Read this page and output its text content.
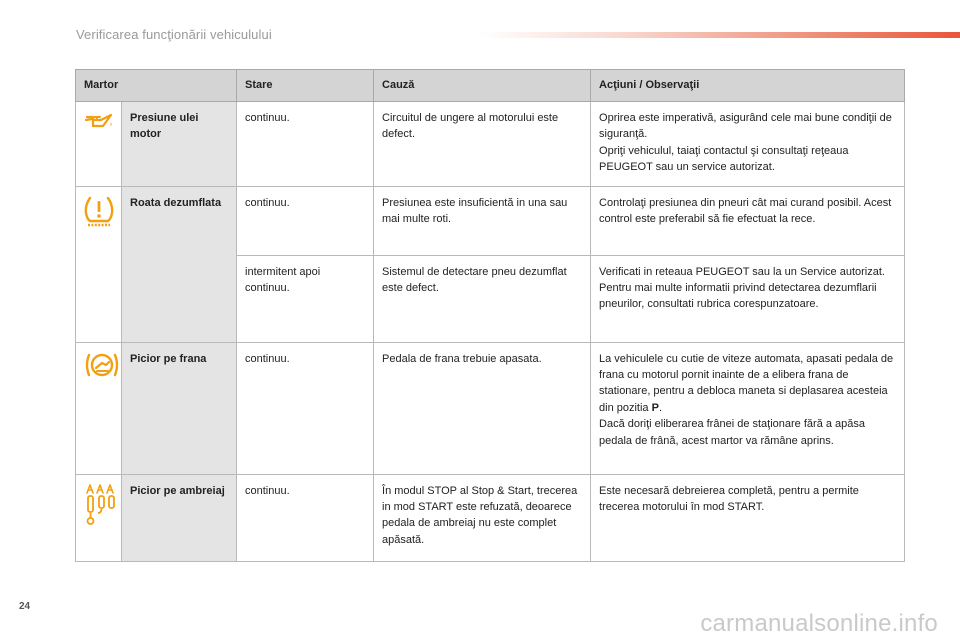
Verificarea funcţionării vehiculului
Martor		Stare	Cauză	Acţiuni / Observaţii
	Presiune ulei motor	continuu.	Circuitul de ungere al motorului este defect.	Oprirea este imperativă, asigurând cele mai bune condiţii de siguranţă.
Opriţi vehiculul, taiaţi contactul şi consultaţi reţeaua PEUGEOT sau un service autorizat.

	Roata dezumflata	continuu.	Presiunea este insuficientă in una sau mai multe roti.	Controlaţi presiunea din pneuri cât mai curand posibil. Acest control este preferabil să fie efectuat la rece.

		intermitent apoi continuu.	Sistemul de detectare pneu dezumflat este defect.	Verificati in reteaua PEUGEOT sau la un Service autorizat.
Pentru mai multe informatii privind detectarea dezumflarii pneurilor, consultati rubrica corespunzatoare.

	Picior pe frana	continuu.	Pedala de frana trebuie apasata.	La vehiculele cu cutie de viteze automata, apasati pedala de frana cu motorul pornit inainte de a elibera frana de stationare, pentru a debloca maneta si deplasarea acesteia din pozitia P.
Dacă doriţi eliberarea frânei de staţionare fără a apăsa pedala de frână, acest martor va rămâne aprins.

	Picior pe ambreiaj	continuu.	În modul STOP al Stop & Start, trecerea in mod START este refuzată, deoarece pedala de ambreiaj nu este complet apăsată.	Este necesară debreierea completă, pentru a permite trecerea motorului în mod START.
24
carmanualsonline.info
